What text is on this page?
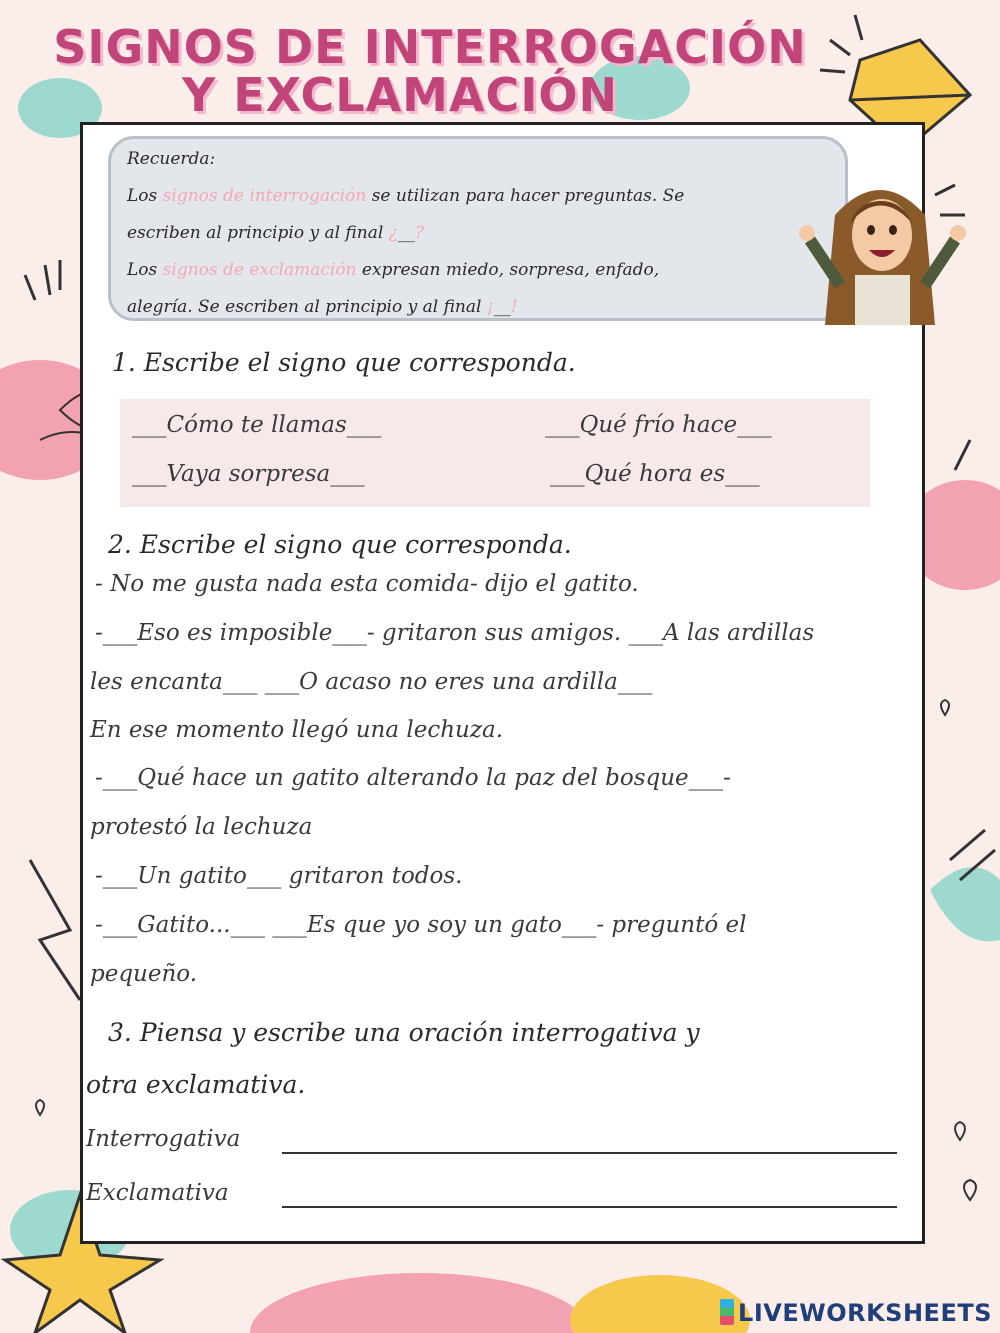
SIGNOS DE INTERROGACIÓN
Y EXCLAMACIÓN
Recuerda:
Los signos de interrogación se utilizan para hacer preguntas. Se
escriben al principio y al final ¿__?
Los signos de exclamación expresan miedo, sorpresa, enfado,
alegría. Se escriben al principio y al final ¡__!
1. Escribe el signo que corresponda.
___Cómo te llamas___	___Qué frío hace___
___Vaya sorpresa___	___Qué hora es___
2. Escribe el signo que corresponda.
- No me gusta nada esta comida- dijo el gatito.
-___Eso es imposible___- gritaron sus amigos. ___A las ardillas
les encanta___ ___O acaso no eres una ardilla___
En ese momento llegó una lechuza.
-___Qué hace un gatito alterando la paz del bosque___-
protestó la lechuza
-___Un gatito___ gritaron todos.
-___Gatito...___ ___Es que yo soy un gato___- preguntó el
pequeño.
3. Piensa y escribe una oración interrogativa y
otra exclamativa.
Interrogativa
Exclamativa
LIVEWORKSHEETS
